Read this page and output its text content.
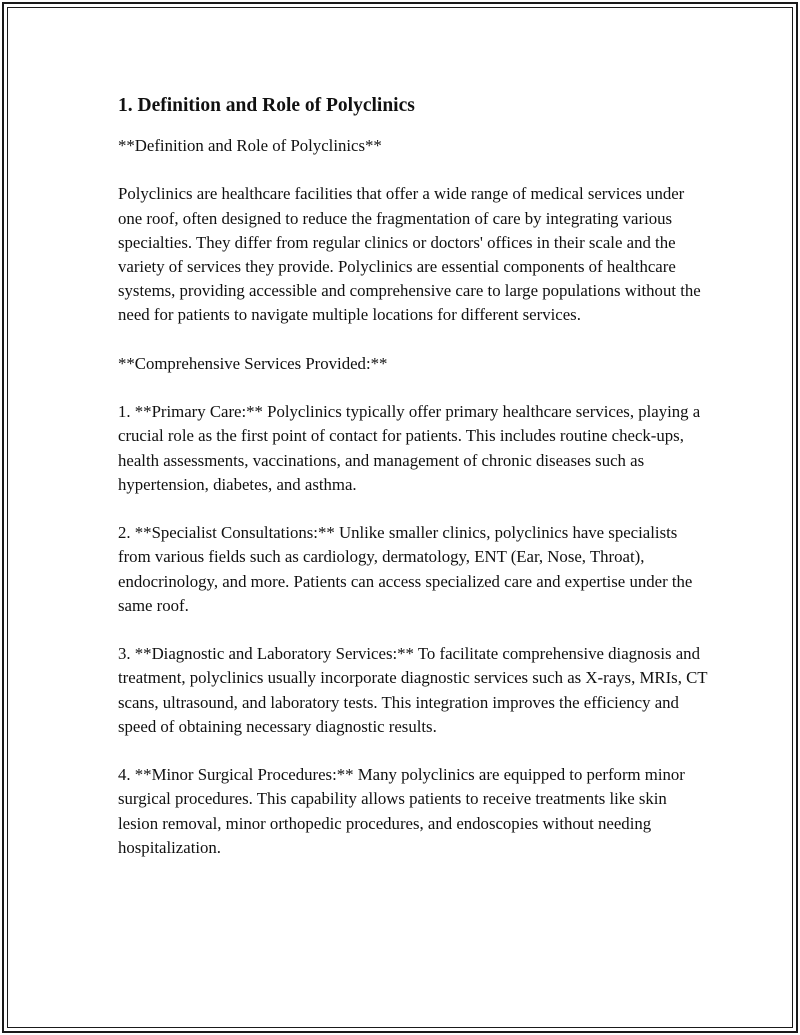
1. Definition and Role of Polyclinics

**Definition and Role of Polyclinics**

Polyclinics are healthcare facilities that offer a wide range of medical services under one roof, often designed to reduce the fragmentation of care by integrating various specialties. They differ from regular clinics or doctors' offices in their scale and the variety of services they provide. Polyclinics are essential components of healthcare systems, providing accessible and comprehensive care to large populations without the need for patients to navigate multiple locations for different services.

**Comprehensive Services Provided:**

1. **Primary Care:** Polyclinics typically offer primary healthcare services, playing a crucial role as the first point of contact for patients. This includes routine check-ups, health assessments, vaccinations, and management of chronic diseases such as hypertension, diabetes, and asthma.

2. **Specialist Consultations:** Unlike smaller clinics, polyclinics have specialists from various fields such as cardiology, dermatology, ENT (Ear, Nose, Throat), endocrinology, and more. Patients can access specialized care and expertise under the same roof.

3. **Diagnostic and Laboratory Services:** To facilitate comprehensive diagnosis and treatment, polyclinics usually incorporate diagnostic services such as X-rays, MRIs, CT scans, ultrasound, and laboratory tests. This integration improves the efficiency and speed of obtaining necessary diagnostic results.

4. **Minor Surgical Procedures:** Many polyclinics are equipped to perform minor surgical procedures. This capability allows patients to receive treatments like skin lesion removal, minor orthopedic procedures, and endoscopies without needing hospitalization.
